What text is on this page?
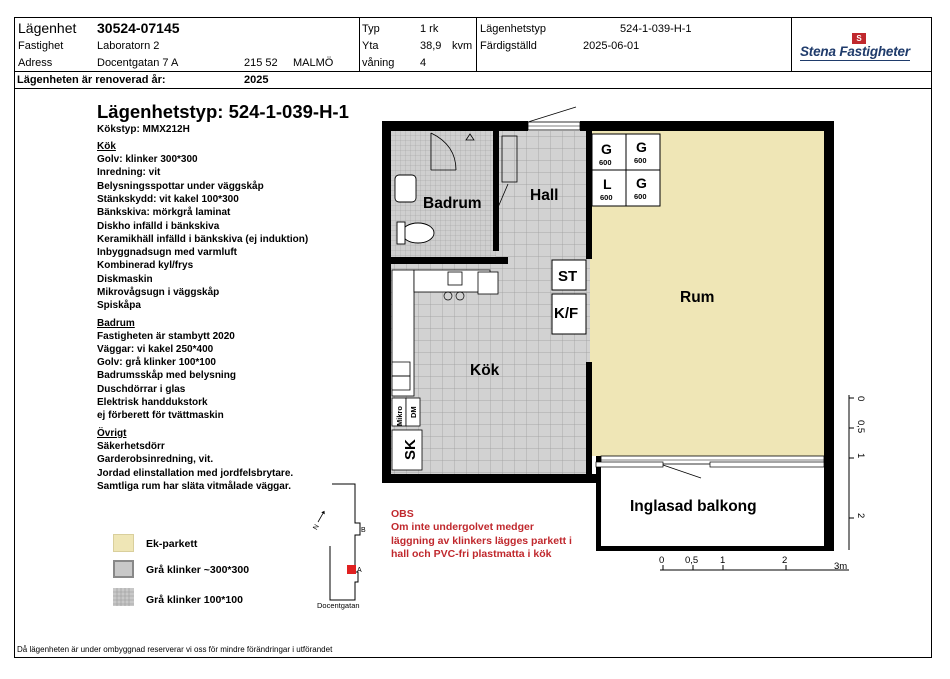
Lägenhet 30524-07145
Fastighet	Laboratorn 2
Adress	Docentgatan 7 A	215 52 MALMÖ
Lägenheten är renoverad år:	2025
Typ	1 rk
Yta	38,9 kvm
våning 4
Lägenhetstyp	524-1-039-H-1
Färdigställd	2025-06-01
S
Stena Fastigheter
Lägenhetstyp: 524-1-039-H-1
Kökstyp: MMX212H
Kök
Golv: klinker 300*300
Inredning: vit
Belysningsspottar under väggskåp
Stänkskydd: vit kakel 100*300
Bänkskiva: mörkgrå laminat
Diskho infälld i bänkskiva
Keramikhäll infälld i bänkskiva (ej induktion)
Inbyggnadsugn med varmluft
Kombinerad kyl/frys
Diskmaskin
Mikrovågsugn i väggskåp
Spiskåpa
Badrum
Fastigheten är stambytt 2020
Väggar: vi kakel 250*400
Golv: grå klinker 100*100
Badrumsskåp med belysning
Duschdörrar i glas
Elektrisk handdukstork
ej förberett för tvättmaskin
Övrigt
Säkerhetsdörr
Garderobsinredning, vit.
Jordad elinstallation med jordfelsbrytare.
Samtliga rum har släta vitmålade väggar.
Ek-parkett
Grå klinker ~300*300
Grå klinker 100*100
B
A
Docentgatan
N
OBS
Om inte undergolvet medger
läggning av klinkers lägges parkett i
hall och PVC-fri plastmatta i kök
Mikro DM
SK
ST
K/F
G
600
G
600
L
600
G
600
Badrum	Hall
Kök
Rum
Inglasad balkong
0
0,5
1
2
0 0,5 1	2
3m
Då lägenheten är under ombyggnad reserverar vi oss för mindre förändringar i utförandet
